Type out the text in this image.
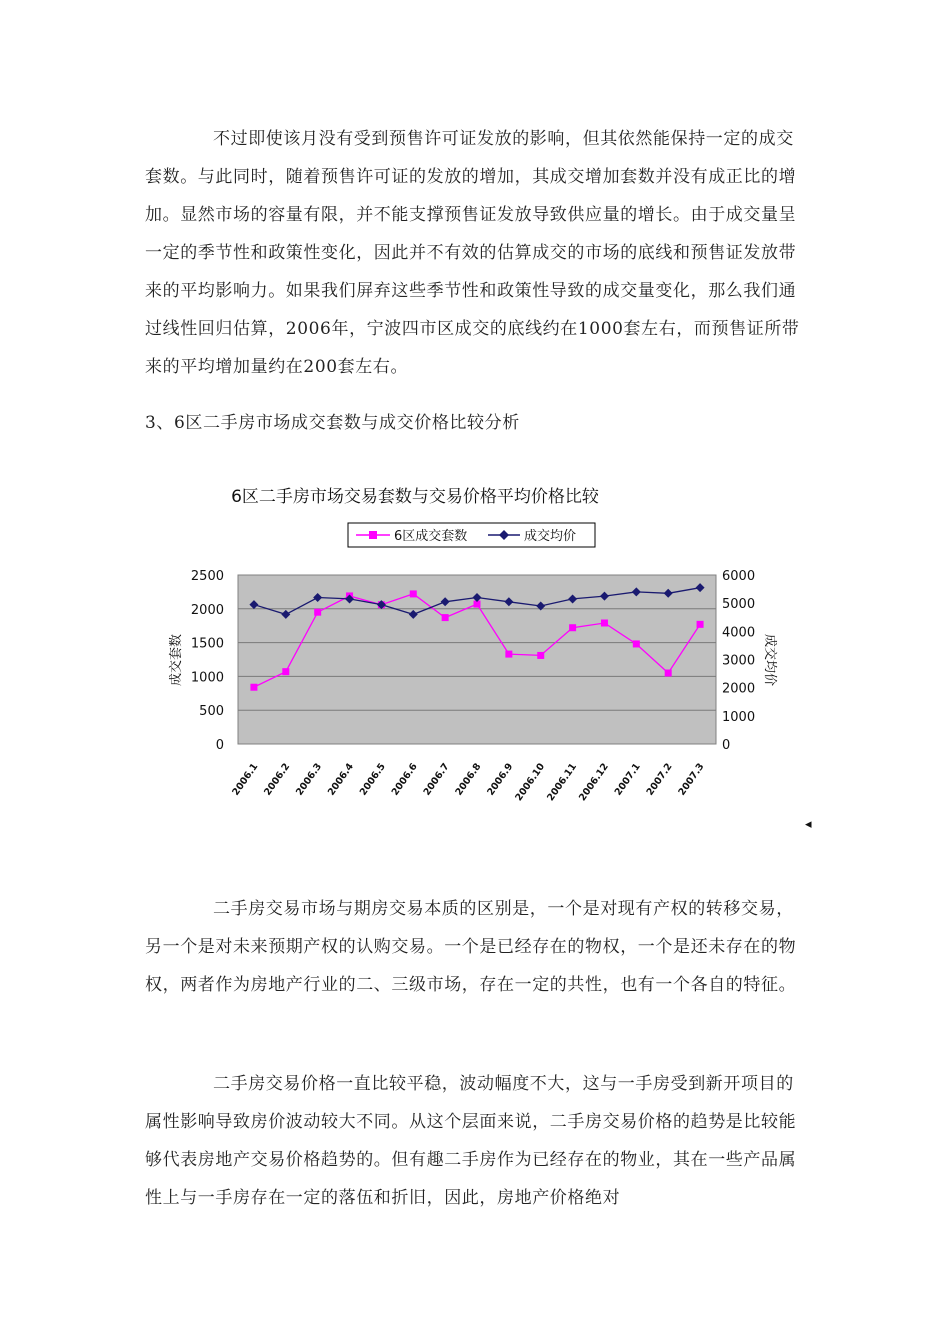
不过即使该月没有受到预售许可证发放的影响，但其依然能保持一定的成交套数。与此同时，随着预售许可证的发放的增加，其成交增加套数并没有成正比的增加。显然市场的容量有限，并不能支撑预售证发放导致供应量的增长。由于成交量呈一定的季节性和政策性变化，因此并不有效的估算成交的市场的底线和预售证发放带来的平均影响力。如果我们屏弃这些季节性和政策性导致的成交量变化，那么我们通过线性回归估算，2006年，宁波四市区成交的底线约在1000套左右，而预售证所带来的平均增加量约在200套左右。

3、6区二手房市场成交套数与成交价格比较分析

6区二手房市场交易套数与交易价格平均价格比较
6区成交套数	成交均价
0
500
1000
1500
2000
2500
0
1000
2000
3000
4000
5000
6000
成交套数	成交均价
2006.1 2006.2 2006.3 2006.4 2006.5 2006.6 2006.7 2006.8 2006.9
2006.10
2006.11
2006.12 2007.1 2007.2 2007.3
◂

二手房交易市场与期房交易本质的区别是，一个是对现有产权的转移交易，另一个是对未来预期产权的认购交易。一个是已经存在的物权，一个是还未存在的物权，两者作为房地产行业的二、三级市场，存在一定的共性，也有一个各自的特征。

二手房交易价格一直比较平稳，波动幅度不大，这与一手房受到新开项目的属性影响导致房价波动较大不同。从这个层面来说，二手房交易价格的趋势是比较能够代表房地产交易价格趋势的。但有趣二手房作为已经存在的物业，其在一些产品属性上与一手房存在一定的落伍和折旧，因此，房地产价格绝对
